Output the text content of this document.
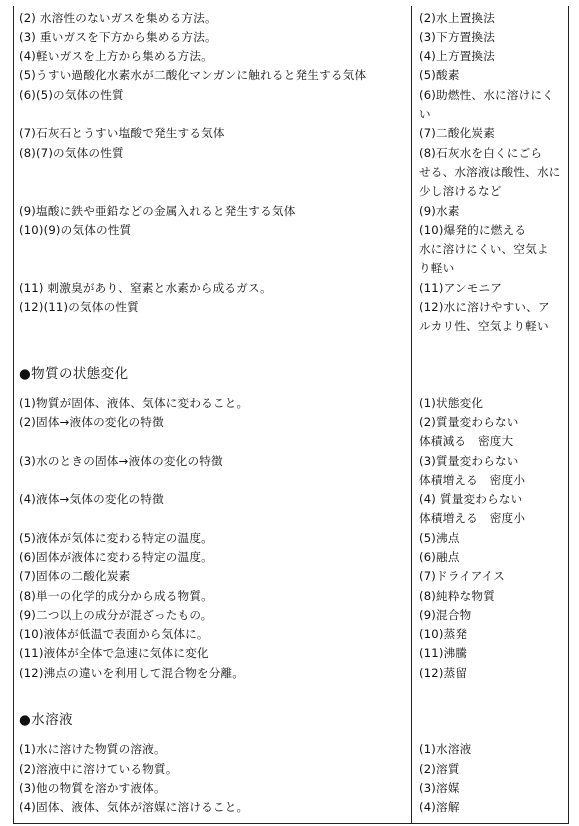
(2) 水溶性のないガスを集める方法。
(3) 重いガスを下方から集める方法。
(4)軽いガスを上方から集める方法。
(5)うすい過酸化水素水が二酸化マンガンに触れると発生する気体
(6)(5)の気体の性質
(7)石灰石とうすい塩酸で発生する気体
(8)(7)の気体の性質
(9)塩酸に鉄や亜鉛などの金属入れると発生する気体
(10)(9)の気体の性質
(11) 刺激臭があり、窒素と水素から成るガス。
(12)(11)の気体の性質
(2)水上置換法
(3)下方置換法
(4)上方置換法
(5)酸素
(6)助燃性、水に溶けにく
い
(7)二酸化炭素
(8)石灰水を白くにごら
せる、水溶液は酸性、水に
少し溶けるなど
(9)水素
(10)爆発的に燃える
水に溶けにくい、空気よ
り軽い
(11)アンモニア
(12)水に溶けやすい、ア
ルカリ性、空気より軽い
●物質の状態変化
(1)物質が固体、液体、気体に変わること。
(2)固体→液体の変化の特徴
(3)水のときの固体→液体の変化の特徴
(4)液体→気体の変化の特徴
(5)液体が気体に変わる特定の温度。
(6)固体が液体に変わる特定の温度。
(7)固体の二酸化炭素
(8)単一の化学的成分から成る物質。
(9)二つ以上の成分が混ざったもの。
(10)液体が低温で表面から気体に。
(11)液体が全体で急速に気体に変化
(12)沸点の違いを利用して混合物を分離。
(1)状態変化
(2)質量変わらない
体積減る　密度大
(3)質量変わらない
体積増える　密度小
(4) 質量変わらない
体積増える　密度小
(5)沸点
(6)融点
(7)ドライアイス
(8)純粋な物質
(9)混合物
(10)蒸発
(11)沸騰
(12)蒸留
●水溶液
(1)水に溶けた物質の溶液。
(2)溶液中に溶けている物質。
(3)他の物質を溶かす液体。
(4)固体、液体、気体が溶媒に溶けること。
(1)水溶液
(2)溶質
(3)溶媒
(4)溶解
